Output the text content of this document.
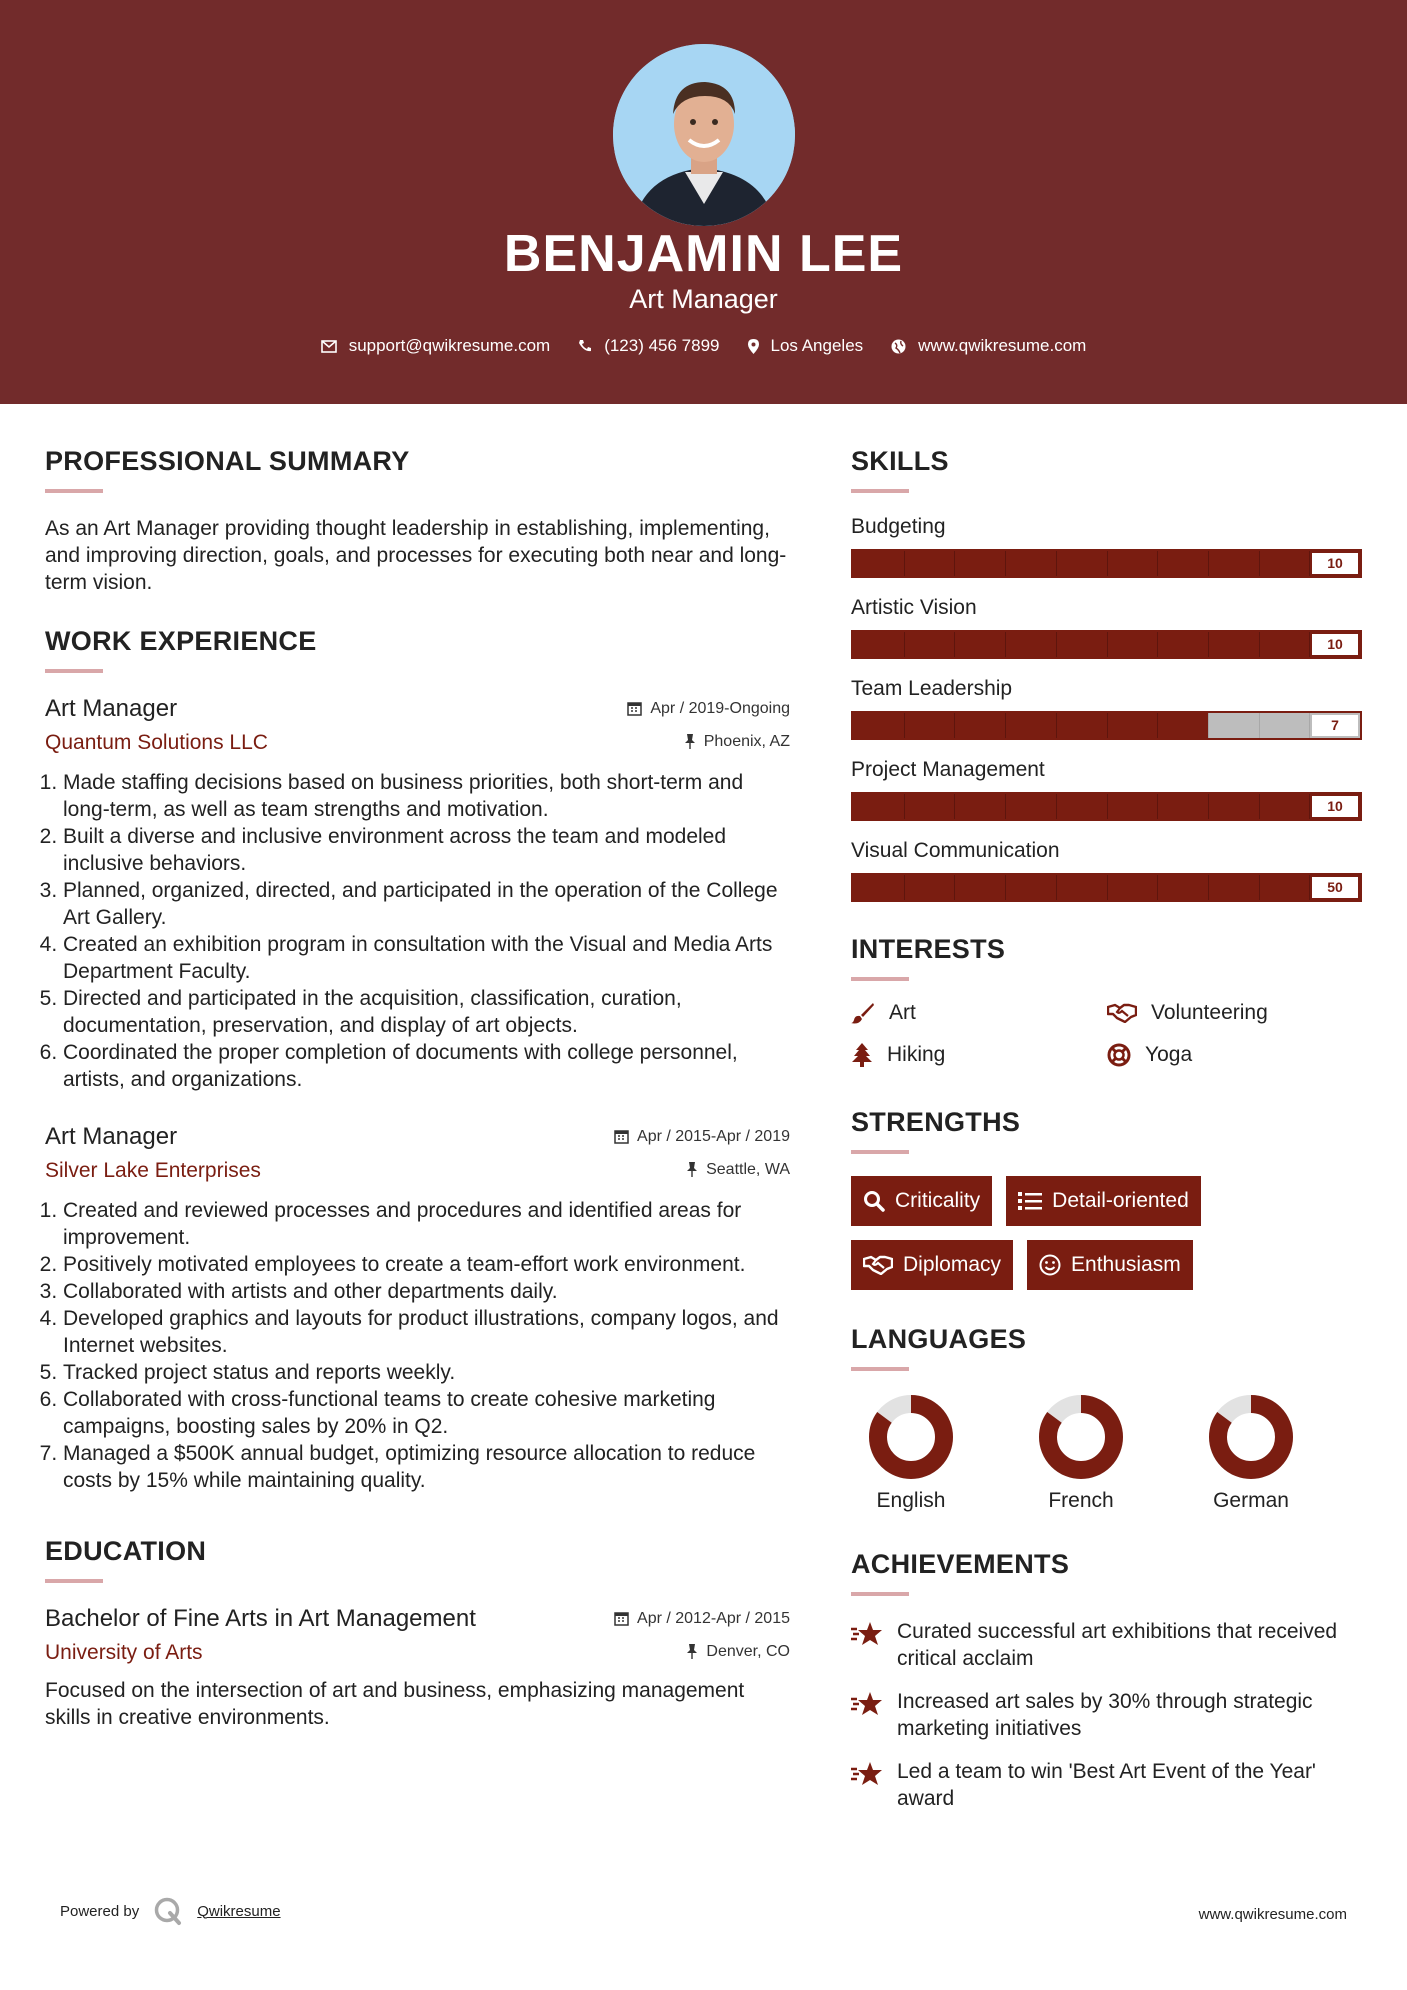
BENJAMIN LEE
Art Manager
support@qwikresume.com	(123) 456 7899	Los Angeles	www.qwikresume.com
PROFESSIONAL SUMMARY
As an Art Manager providing thought leadership in establishing, implementing, and improving direction, goals, and processes for executing both near and long-term vision.
WORK EXPERIENCE
Art Manager	Apr / 2019-Ongoing
Quantum Solutions LLC	Phoenix, AZ
1. Made staffing decisions based on business priorities, both short-term and long-term, as well as team strengths and motivation.
2. Built a diverse and inclusive environment across the team and modeled inclusive behaviors.
3. Planned, organized, directed, and participated in the operation of the College Art Gallery.
4. Created an exhibition program in consultation with the Visual and Media Arts Department Faculty.
5. Directed and participated in the acquisition, classification, curation, documentation, preservation, and display of art objects.
6. Coordinated the proper completion of documents with college personnel, artists, and organizations.
Art Manager	Apr / 2015-Apr / 2019
Silver Lake Enterprises	Seattle, WA
1. Created and reviewed processes and procedures and identified areas for improvement.
2. Positively motivated employees to create a team-effort work environment.
3. Collaborated with artists and other departments daily.
4. Developed graphics and layouts for product illustrations, company logos, and Internet websites.
5. Tracked project status and reports weekly.
6. Collaborated with cross-functional teams to create cohesive marketing campaigns, boosting sales by 20% in Q2.
7. Managed a $500K annual budget, optimizing resource allocation to reduce costs by 15% while maintaining quality.
EDUCATION
Bachelor of Fine Arts in Art Management	Apr / 2012-Apr / 2015
University of Arts	Denver, CO
Focused on the intersection of art and business, emphasizing management skills in creative environments.
SKILLS
Budgeting
10
Artistic Vision
10
Team Leadership
7
Project Management
10
Visual Communication
50
INTERESTS
Art	Volunteering
Hiking	Yoga
STRENGTHS
Criticality	Detail-oriented
Diplomacy	Enthusiasm
LANGUAGES
English	French	German
ACHIEVEMENTS
Curated successful art exhibitions that received critical acclaim
Increased art sales by 30% through strategic marketing initiatives
Led a team to win 'Best Art Event of the Year' award
Powered by	Qwikresume	www.qwikresume.com
